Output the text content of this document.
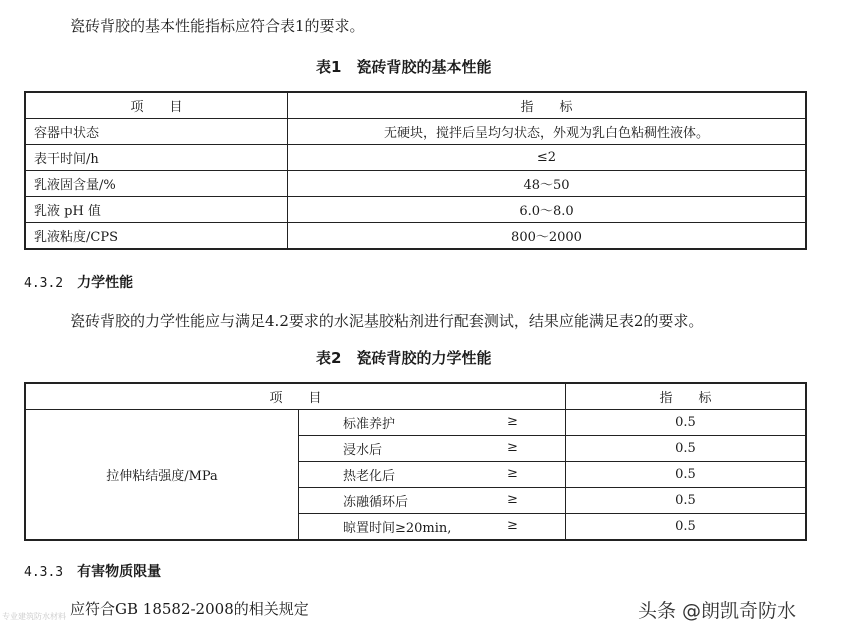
瓷砖背胶的基本性能指标应符合表1的要求。

表1　瓷砖背胶的基本性能
项　　目	指　　标
容器中状态	无硬块，搅拌后呈均匀状态，外观为乳白色粘稠性液体。
表干时间/h	≤2
乳液固含量/%	48～50
乳液 pH 值	6.0～8.0
乳液粘度/CPS	800～2000
4.3.2 力学性能

瓷砖背胶的力学性能应与满足4.2要求的水泥基胶粘剂进行配套测试，结果应能满足表2的要求。

表2　瓷砖背胶的力学性能
项　　目		指　　标
拉伸粘结强度/MPa	标准养护 ≥	0.5
	浸水后 ≥	0.5
	热老化后 ≥	0.5
	冻融循环后 ≥	0.5
	晾置时间≥20min, ≥	0.5
4.3.3 有害物质限量

应符合GB 18582-2008的相关规定

专业建筑防水材料	头条 @朗凯奇防水
